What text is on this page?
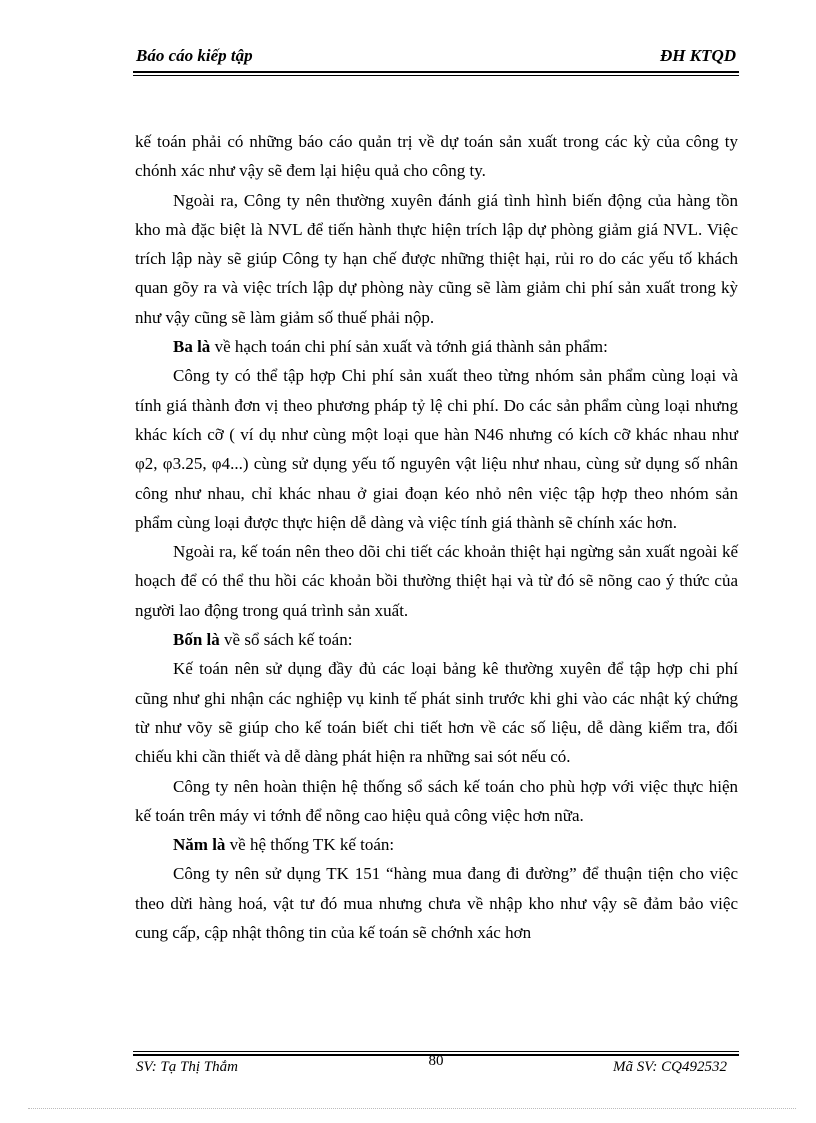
Báo cáo kiếp tập	ĐH KTQD

kế toán phải có những báo cáo quản trị về dự toán sản xuất trong các kỳ của công ty chónh xác như vậy sẽ đem lại hiệu quả cho công ty.

Ngoài ra, Công ty nên thường xuyên đánh giá tình hình biến động của hàng tồn kho mà đặc biệt là NVL để tiến hành thực hiện trích lập dự phòng giảm giá NVL. Việc trích lập này sẽ giúp Công ty hạn chế được những thiệt hại, rủi ro do các yếu tố khách quan gõy ra và việc trích lập dự phòng này cũng sẽ làm giảm chi phí sản xuất trong kỳ như vậy cũng sẽ làm giảm số thuế phải nộp.

Ba là về hạch toán chi phí sản xuất và tớnh giá thành sản phẩm:

Công ty có thể tập hợp Chi phí sản xuất theo từng nhóm sản phẩm cùng loại và tính giá thành đơn vị theo phương pháp tỷ lệ chi phí. Do các sản phẩm cùng loại nhưng khác kích cỡ ( ví dụ như cùng một loại que hàn N46 nhưng có kích cỡ khác nhau như φ2, φ3.25, φ4...) cùng sử dụng yếu tố nguyên vật liệu như nhau, cùng sử dụng số nhân công như nhau, chỉ khác nhau ở giai đoạn kéo nhỏ nên việc tập hợp theo nhóm sản phẩm cùng loại được thực hiện dễ dàng và việc tính giá thành sẽ chính xác hơn.

Ngoài ra, kế toán nên theo dõi chi tiết các khoản thiệt hại ngừng sản xuất ngoài kế hoạch để có thể thu hồi các khoản bồi thường thiệt hại và từ đó sẽ nõng cao ý thức của người lao động trong quá trình sản xuất.

Bốn là về sổ sách kế toán:

Kế toán nên sử dụng đầy đủ các loại bảng kê thường xuyên để tập hợp chi phí cũng như ghi nhận các nghiệp vụ kinh tế phát sinh trước khi ghi vào các nhật ký chứng từ như võy sẽ giúp cho kế toán biết chi tiết hơn về các số liệu, dễ dàng kiểm tra, đối chiếu khi cần thiết và dễ dàng phát hiện ra những sai sót nếu có.

Công ty nên hoàn thiện hệ thống sổ sách kế toán cho phù hợp với việc thực hiện kế toán trên máy vi tớnh để nõng cao hiệu quả công việc hơn nữa.

Năm là về hệ thống TK kế toán:

Công ty nên sử dụng TK 151 “hàng mua đang đi đường” để thuận tiện cho việc theo dừi hàng hoá, vật tư đó mua nhưng chưa về nhập kho như vậy sẽ đảm bảo việc cung cấp, cập nhật thông tin của kế toán sẽ chớnh xác hơn

SV: Tạ Thị Thắm	80	Mã SV: CQ492532
